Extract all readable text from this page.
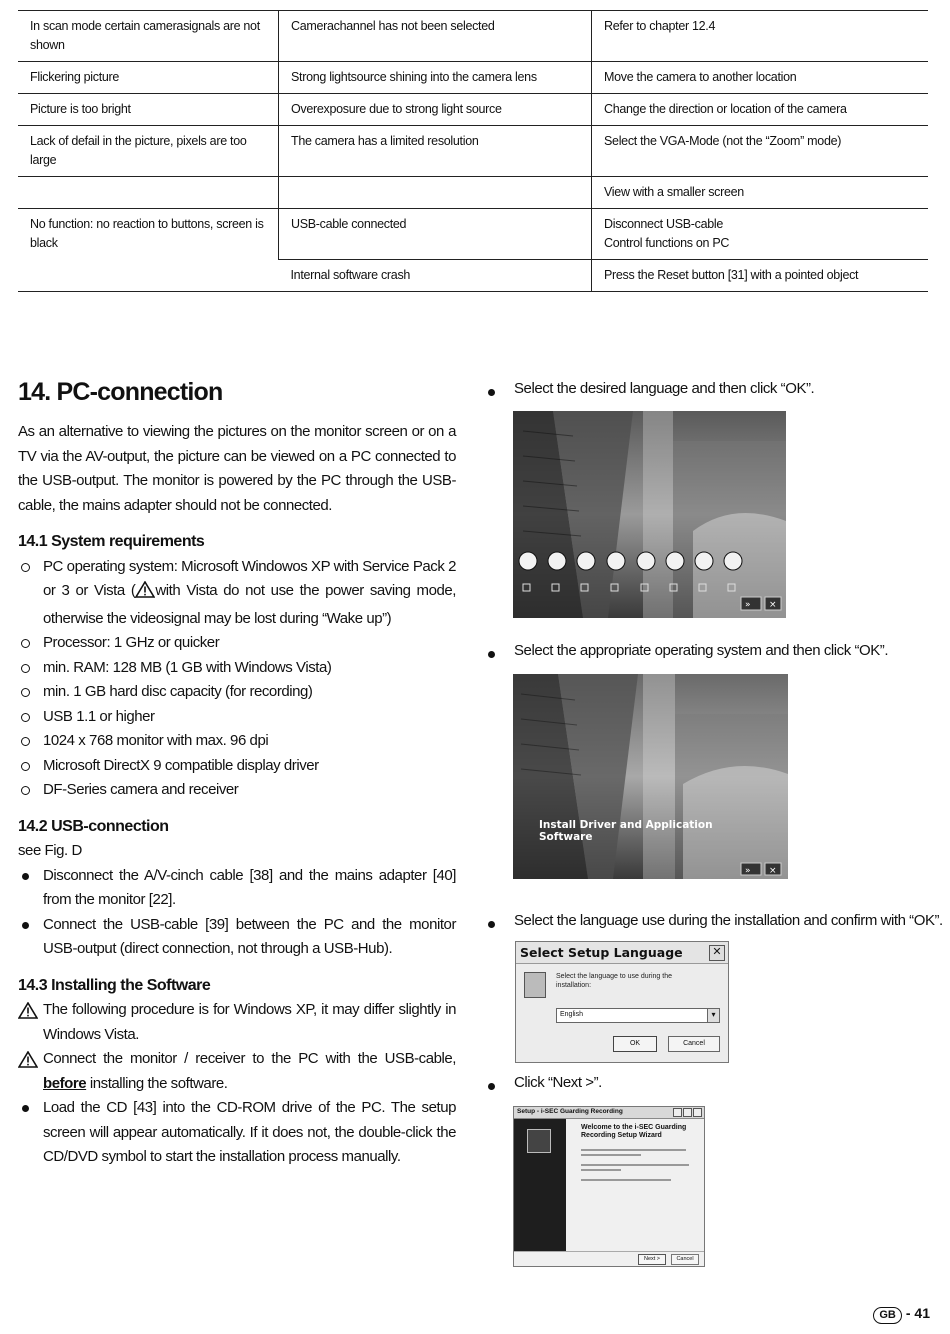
In scan mode certain camerasignals are not shown	Camerachannel has not been selected	Refer to chapter 12.4
Flickering picture	Strong lightsource shining into the camera lens	Move the camera to another location
Picture is too bright	Overexposure due to strong light source	Change the direction or location of the camera
Lack of defail in the picture, pixels are too large	The camera has a limited resolution	Select the VGA-Mode (not the “Zoom” mode)
		View with a smaller screen
No function: no reaction to buttons, screen is black	USB-cable connected	Disconnect USB-cable
Control functions on PC

	Internal software crash	Press the Reset button [31] with a pointed object
14. PC-connection

As an alternative to viewing the pictures on the monitor screen or on a TV via the AV-output, the picture can be viewed on a PC connected to the USB-output. The monitor is powered by the PC through the USB-cable, the mains adapter should not be connected.

14.1 System requirements
PC operating system: Microsoft Windowos XP with Service Pack 2 or 3 or Vista ( with Vista do not use the power saving mode, otherwise the videosignal may be lost during “Wake up”)
Processor: 1 GHz or quicker
min. RAM: 128 MB (1 GB with Windows Vista)
min. 1 GB hard disc capacity (for recording)
USB 1.1 or higher
1024 x 768 monitor with max. 96 dpi
Microsoft DirectX 9 compatible display driver
DF-Series camera and receiver
14.2 USB-connection

see Fig. D

Disconnect the A/V-cinch cable [38] and the mains adapter [40] from the monitor [22].
Connect the USB-cable [39] between the PC and the monitor USB-output (direct connection, not through a USB-Hub).
14.3 Installing the Software
The following procedure is for Windows XP, it may differ slightly in Windows Vista.
Connect the monitor / receiver to the PC with the USB-cable, before installing the software.
Load the CD [43] into the CD-ROM drive of the PC. The setup screen will appear automatically. If it does not, the double-click the CD/DVD symbol to start the installation process manually.
Select the desired language and then click “OK”.
» ×
Select the appropriate operating system and then click “OK”.
Install Driver and Application
Software
» ×
Select the language use during the installation and confirm with “OK”.
Select Setup Language	✕
Select the language to use during the
installation:
English	▾
OK	Cancel
Click “Next >”.
Setup - i-SEC Guarding Recording
Welcome to the i-SEC Guarding
Recording Setup Wizard
Next >	Cancel
GB - 41
